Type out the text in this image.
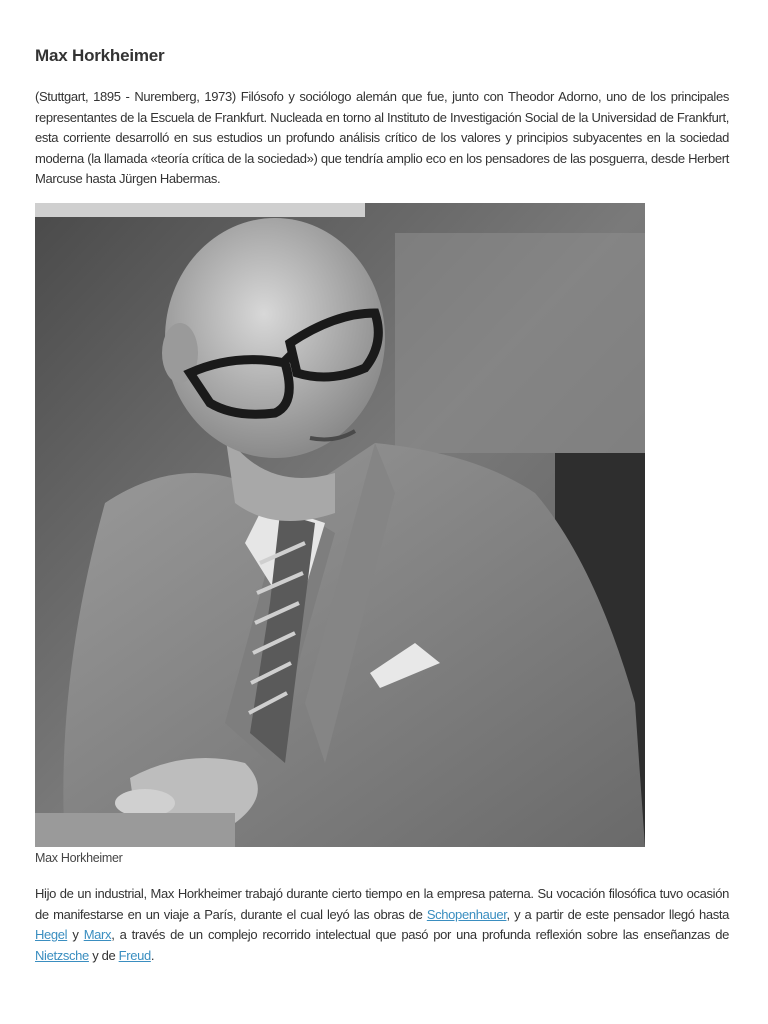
Max Horkheimer

(Stuttgart, 1895 - Nuremberg, 1973) Filósofo y sociólogo alemán que fue, junto con Theodor Adorno, uno de los principales representantes de la Escuela de Frankfurt. Nucleada en torno al Instituto de Investigación Social de la Universidad de Frankfurt, esta corriente desarrolló en sus estudios un profundo análisis crítico de los valores y principios subyacentes en la sociedad moderna (la llamada «teoría crítica de la sociedad») que tendría amplio eco en los pensadores de las posguerra, desde Herbert Marcuse hasta Jürgen Habermas.

Max Horkheimer

Hijo de un industrial, Max Horkheimer trabajó durante cierto tiempo en la empresa paterna. Su vocación filosófica tuvo ocasión de manifestarse en un viaje a París, durante el cual leyó las obras de Schopenhauer, y a partir de este pensador llegó hasta Hegel y Marx, a través de un complejo recorrido intelectual que pasó por una profunda reflexión sobre las enseñanzas de Nietzsche y de Freud.
